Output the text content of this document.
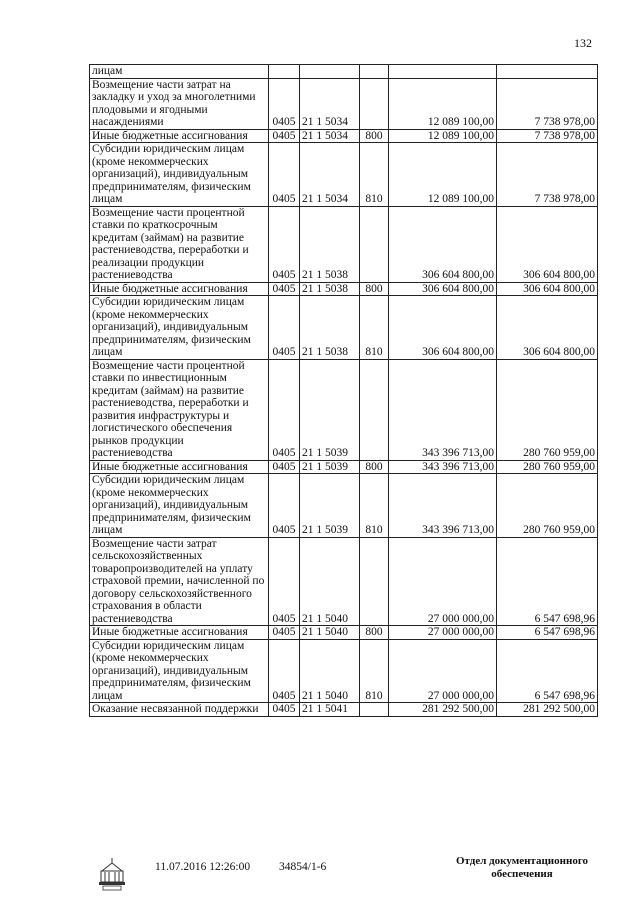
132
лицам					
Возмещение части затрат на закладку и уход за многолетними плодовыми и ягодными насаждениями	0405	21 1 5034		12 089 100,00	7 738 978,00
Иные бюджетные ассигнования	0405	21 1 5034	800	12 089 100,00	7 738 978,00
Субсидии юридическим лицам (кроме некоммерческих организаций), индивидуальным предпринимателям, физическим лицам	0405	21 1 5034	810	12 089 100,00	7 738 978,00
Возмещение части процентной ставки по краткосрочным кредитам (займам) на развитие растениеводства, переработки и реализации продукции растениеводства	0405	21 1 5038		306 604 800,00	306 604 800,00
Иные бюджетные ассигнования	0405	21 1 5038	800	306 604 800,00	306 604 800,00
Субсидии юридическим лицам (кроме некоммерческих организаций), индивидуальным предпринимателям, физическим лицам	0405	21 1 5038	810	306 604 800,00	306 604 800,00
Возмещение части процентной ставки по инвестиционным кредитам (займам) на развитие растениеводства, переработки и развития инфраструктуры и логистического обеспечения рынков продукции растениеводства	0405	21 1 5039		343 396 713,00	280 760 959,00
Иные бюджетные ассигнования	0405	21 1 5039	800	343 396 713,00	280 760 959,00
Субсидии юридическим лицам (кроме некоммерческих организаций), индивидуальным предпринимателям, физическим лицам	0405	21 1 5039	810	343 396 713,00	280 760 959,00
Возмещение части затрат сельскохозяйственных товаропроизводителей на уплату страховой премии, начисленной по договору сельскохозяйственного страхования в области растениеводства	0405	21 1 5040		27 000 000,00	6 547 698,96
Иные бюджетные ассигнования	0405	21 1 5040	800	27 000 000,00	6 547 698,96
Субсидии юридическим лицам (кроме некоммерческих организаций), индивидуальным предпринимателям, физическим лицам	0405	21 1 5040	810	27 000 000,00	6 547 698,96
Оказание несвязанной поддержки	0405	21 1 5041		281 292 500,00	281 292 500,00
11.07.2016 12:26:00	34854/1-6	Отдел документационного обеспечения
